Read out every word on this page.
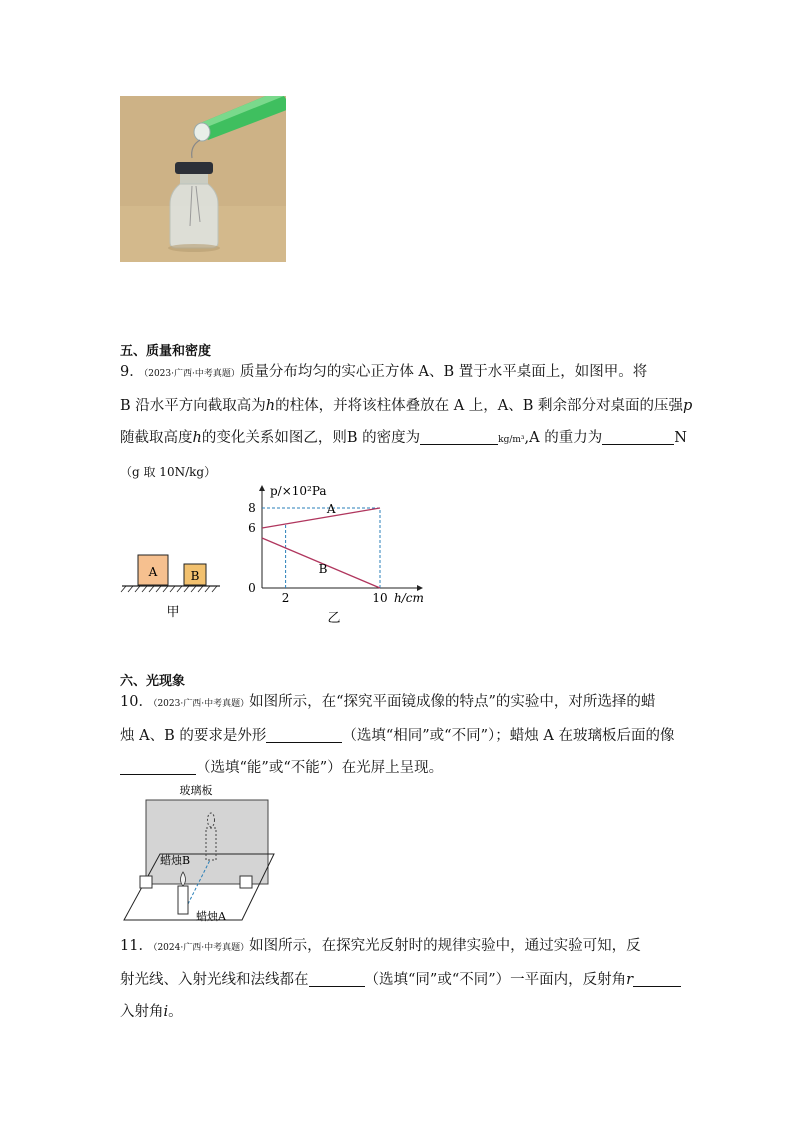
五、质量和密度
9．（2023·广西·中考真题）质量分布均匀的实心正方体 A、B 置于水平桌面上，如图甲。将
B 沿水平方向截取高为h的柱体，并将该柱体叠放在 A 上，A、B 剩余部分对桌面的压强p
随截取高度h的变化关系如图乙，则B 的密度为	kg/m³,A 的重力为	N
（g 取 10N/kg）
A	B
甲
A
B
8
6
0
2	10
p/×10²Pa
h/cm
乙
六、光现象
10．（2023·广西·中考真题）如图所示，在“探究平面镜成像的特点”的实验中，对所选择的蜡
烛 A、B 的要求是外形	（选填“相同”或“不同”）；蜡烛 A 在玻璃板后面的像
（选填“能”或“不能”）在光屏上呈现。
玻璃板
蜡烛B
蜡烛A
11．（2024·广西·中考真题）如图所示，在探究光反射时的规律实验中，通过实验可知，反
射光线、入射光线和法线都在	（选填“同”或“不同”）一平面内，反射角r
入射角i。
